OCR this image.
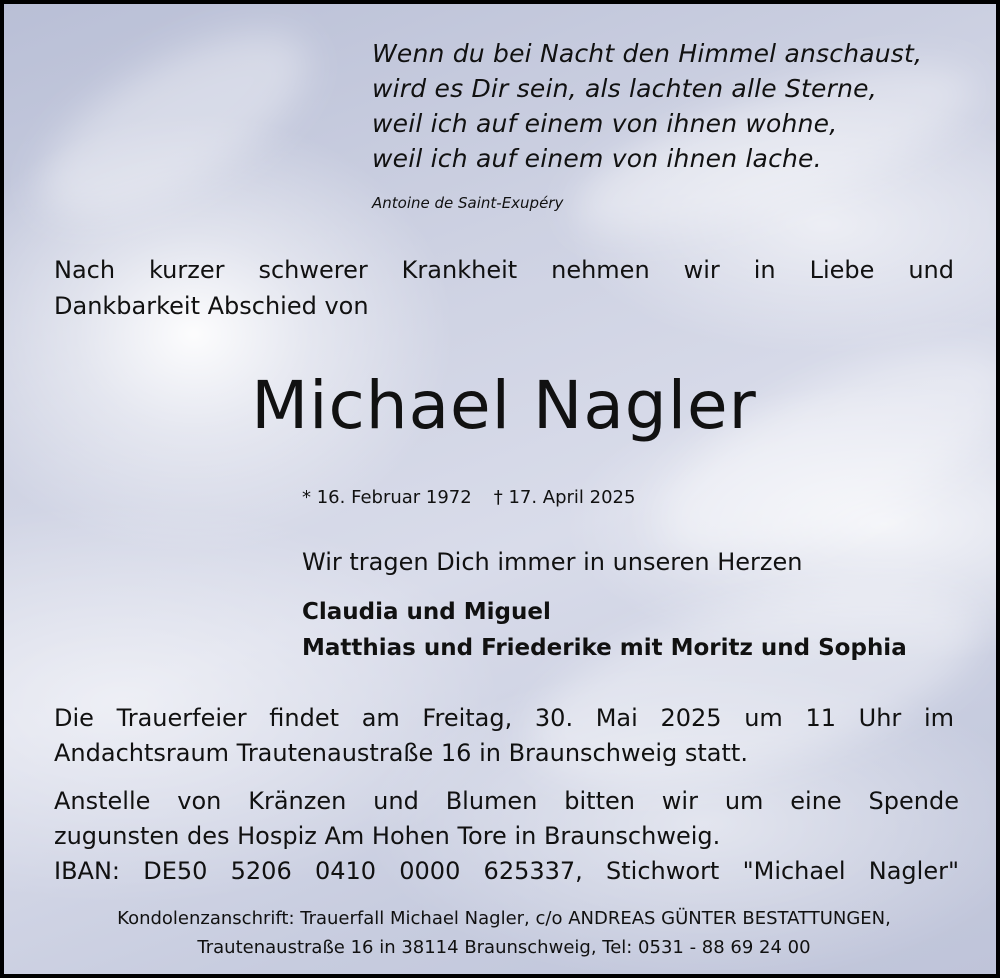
Wenn du bei Nacht den Himmel anschaust,
wird es Dir sein, als lachten alle Sterne,
weil ich auf einem von ihnen wohne,
weil ich auf einem von ihnen lache.
Antoine de Saint-Exupéry
Nach kurzer schwerer Krankheit nehmen wir in Liebe und
Dankbarkeit Abschied von
Michael Nagler
* 16. Februar 1972 † 17. April 2025
Wir tragen Dich immer in unseren Herzen
Claudia und Miguel
Matthias und Friederike mit Moritz und Sophia
Die Trauerfeier findet am Freitag, 30. Mai 2025 um 11 Uhr im
Andachtsraum Trautenaustraße 16 in Braunschweig statt.
Anstelle von Kränzen und Blumen bitten wir um eine Spende
zugunsten des Hospiz Am Hohen Tore in Braunschweig.
IBAN: DE50 5206 0410 0000 625337, Stichwort "Michael Nagler"
Kondolenzanschrift: Trauerfall Michael Nagler, c/o ANDREAS GÜNTER BESTATTUNGEN,
Trautenaustraße 16 in 38114 Braunschweig, Tel: 0531 - 88 69 24 00
